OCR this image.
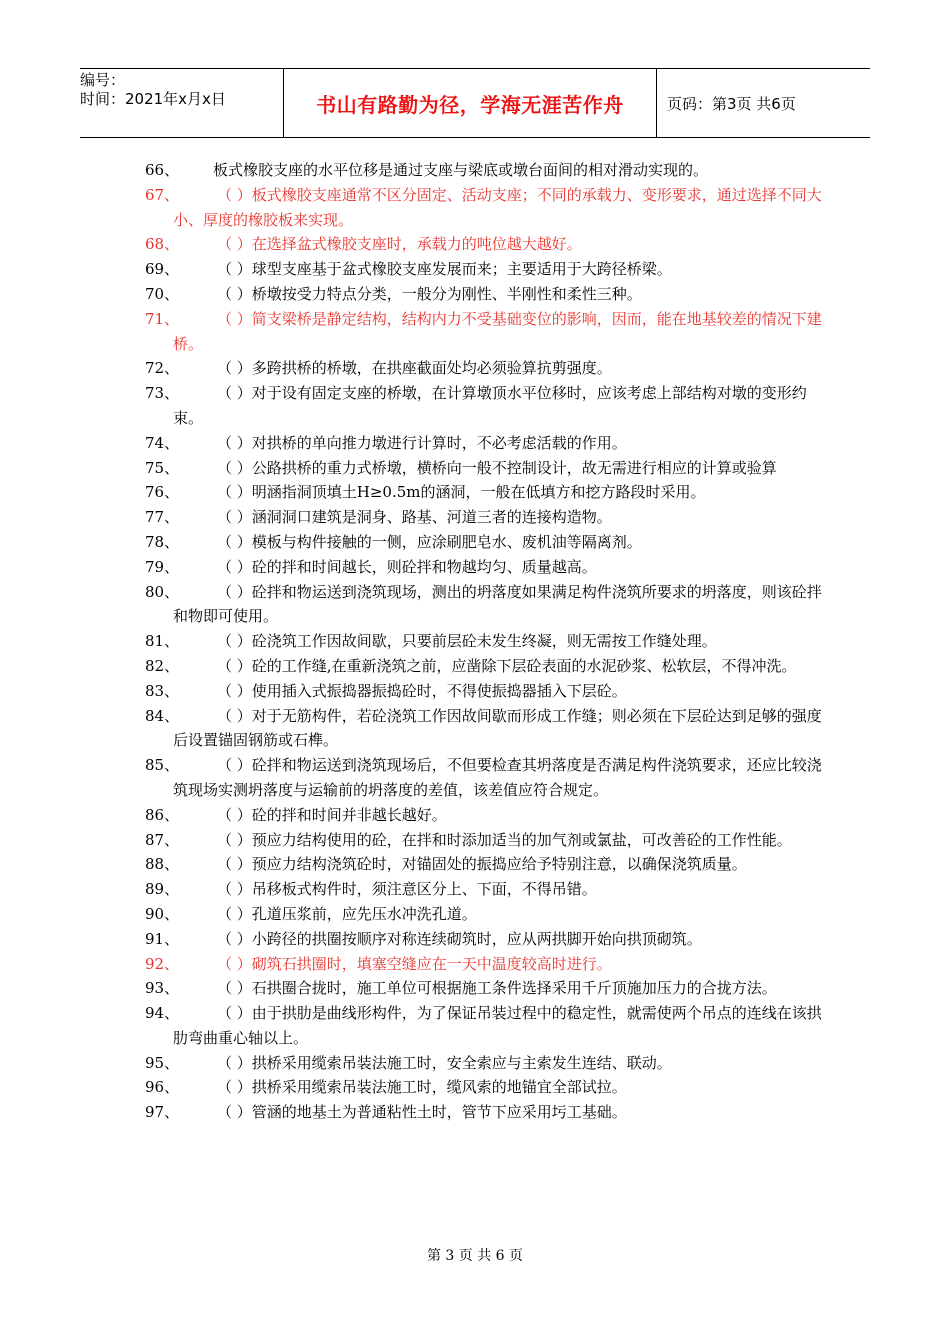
编号：
时间：2021年x月x日	书山有路勤为径，学海无涯苦作舟	页码：第3页 共6页
66、	板式橡胶支座的水平位移是通过支座与梁底或墩台面间的相对滑动实现的。
67、	（ ）板式橡胶支座通常不区分固定、活动支座；不同的承载力、变形要求，通过选择不同大小、厚度的橡胶板来实现。
68、	（ ）在选择盆式橡胶支座时，承载力的吨位越大越好。
69、	（ ）球型支座基于盆式橡胶支座发展而来；主要适用于大跨径桥梁。
70、	（ ）桥墩按受力特点分类，一般分为刚性、半刚性和柔性三种。
71、	（ ）简支梁桥是静定结构，结构内力不受基础变位的影响，因而，能在地基较差的情况下建桥。
72、	（ ）多跨拱桥的桥墩，在拱座截面处均必须验算抗剪强度。
73、	（ ）对于设有固定支座的桥墩，在计算墩顶水平位移时，应该考虑上部结构对墩的变形约束。
74、	（ ）对拱桥的单向推力墩进行计算时，不必考虑活载的作用。
75、	（ ）公路拱桥的重力式桥墩，横桥向一般不控制设计，故无需进行相应的计算或验算
76、	（ ）明涵指洞顶填土H≥0.5m的涵洞，一般在低填方和挖方路段时采用。
77、	（ ）涵洞洞口建筑是洞身、路基、河道三者的连接构造物。
78、	（ ）模板与构件接触的一侧，应涂刷肥皂水、废机油等隔离剂。
79、	（ ）砼的拌和时间越长，则砼拌和物越均匀、质量越高。
80、	（ ）砼拌和物运送到浇筑现场，测出的坍落度如果满足构件浇筑所要求的坍落度，则该砼拌和物即可使用。
81、	（ ）砼浇筑工作因故间歇，只要前层砼未发生终凝，则无需按工作缝处理。
82、	（ ）砼的工作缝,在重新浇筑之前，应凿除下层砼表面的水泥砂浆、松软层，不得冲洗。
83、	（ ）使用插入式振捣器振捣砼时，不得使振捣器插入下层砼。
84、	（ ）对于无筋构件，若砼浇筑工作因故间歇而形成工作缝；则必须在下层砼达到足够的强度后设置锚固钢筋或石榫。
85、	（ ）砼拌和物运送到浇筑现场后，不但要检查其坍落度是否满足构件浇筑要求，还应比较浇筑现场实测坍落度与运输前的坍落度的差值，该差值应符合规定。
86、	（ ）砼的拌和时间并非越长越好。
87、	（ ）预应力结构使用的砼，在拌和时添加适当的加气剂或氯盐，可改善砼的工作性能。
88、	（ ）预应力结构浇筑砼时，对锚固处的振捣应给予特别注意，以确保浇筑质量。
89、	（ ）吊移板式构件时，须注意区分上、下面，不得吊错。
90、	（ ）孔道压浆前，应先压水冲洗孔道。
91、	（ ）小跨径的拱圈按顺序对称连续砌筑时，应从两拱脚开始向拱顶砌筑。
92、	（ ）砌筑石拱圈时，填塞空缝应在一天中温度较高时进行。
93、	（ ）石拱圈合拢时，施工单位可根据施工条件选择采用千斤顶施加压力的合拢方法。
94、	（ ）由于拱肋是曲线形构件，为了保证吊装过程中的稳定性，就需使两个吊点的连线在该拱肋弯曲重心轴以上。
95、	（ ）拱桥采用缆索吊装法施工时，安全索应与主索发生连结、联动。
96、	（ ）拱桥采用缆索吊装法施工时，缆风索的地锚宜全部试拉。
97、	（ ）管涵的地基土为普通粘性土时，管节下应采用圬工基础。
第 3 页 共 6 页
